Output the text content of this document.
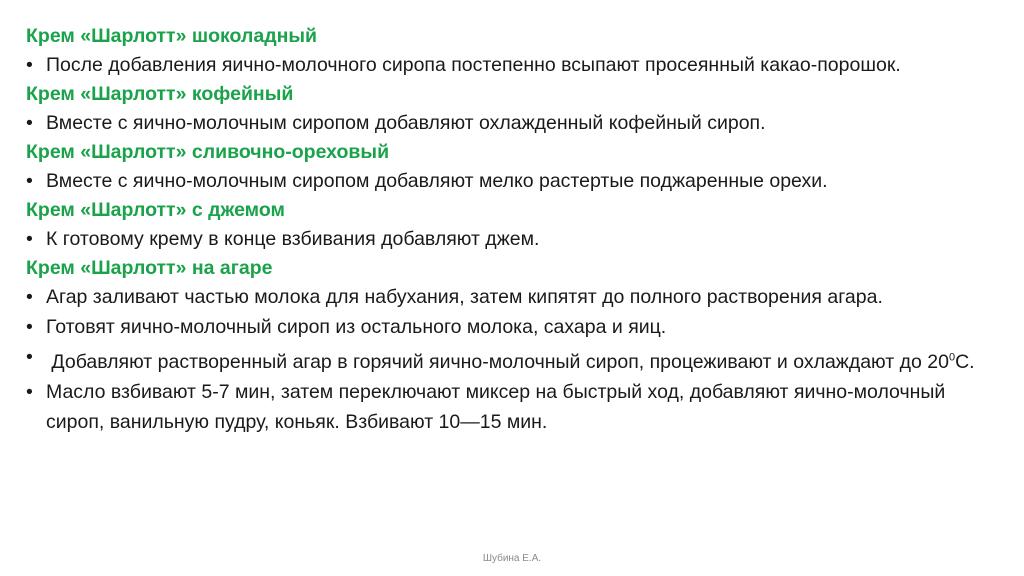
Крем «Шарлотт» шоколадный

• После добавления яично-молочного сиропа постепенно всыпают просеянный какао-порошок.

Крем «Шарлотт» кофейный

• Вместе с яично-молочным сиропом добавляют охлажденный кофейный сироп.

Крем «Шарлотт» сливочно-ореховый

• Вместе с яично-молочным сиропом добавляют мелко растертые поджаренные орехи.

Крем «Шарлотт» с джемом

• К готовому крему в конце взбивания добавляют джем.

Крем «Шарлотт» на агаре

• Агар заливают частью молока для набухания, затем кипятят до полного растворения агара.

• Готовят яично-молочный сироп из остального молока, сахара и яиц.

• Добавляют растворенный агар в горячий яично-молочный сироп, процеживают и охлаждают до $20^0С$.

• Масло взбивают 5-7 мин, затем переключают миксер на быстрый ход, добавляют яично-молочный сироп, ванильную пудру, коньяк. Взбивают 10—15 мин.

Шубина Е.А.
